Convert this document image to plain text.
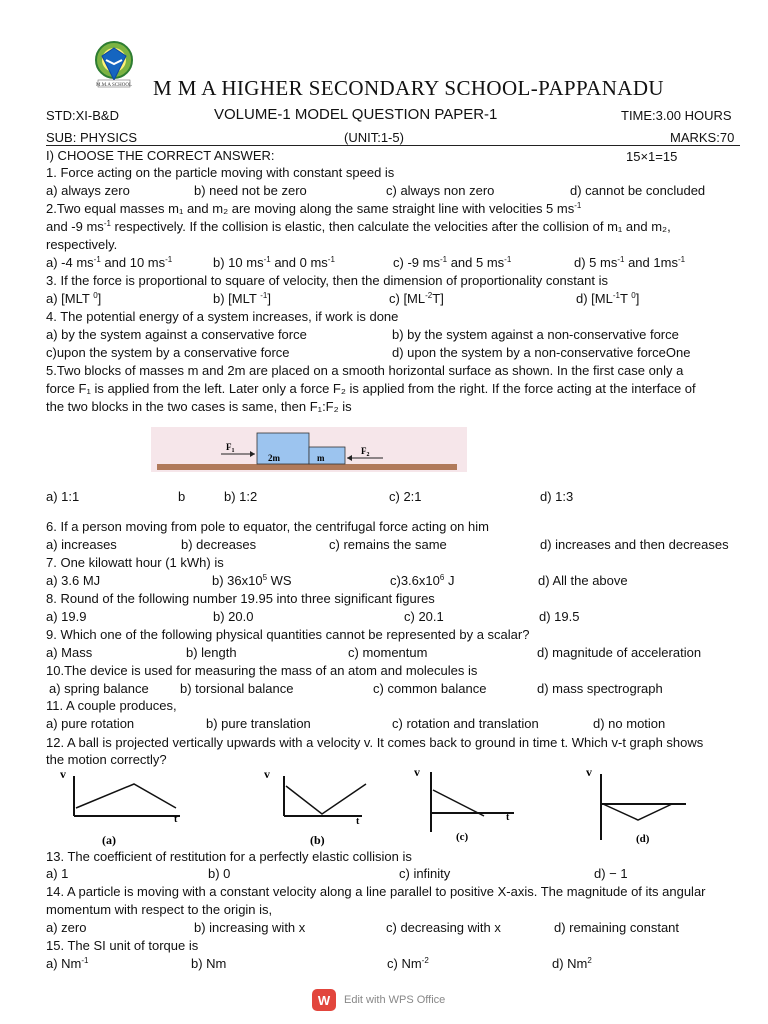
M.M.A SCHOOL M M A HIGHER SECONDARY SCHOOL-PAPPANADU
STD:XI-B&D	VOLUME-1 MODEL QUESTION PAPER-1	TIME:3.00 HOURS
SUB: PHYSICS	(UNIT:1-5)	MARKS:70
I) CHOOSE THE CORRECT ANSWER:	15×1=15
1. Force acting on the particle moving with constant speed is
a) always zero	b) need not be zero	c) always non zero	d) cannot be concluded
2.Two equal masses m₁ and m₂ are moving along the same straight line with velocities 5 $ms^{-1}$
and -9 $ms^{-1}$ respectively. If the collision is elastic, then calculate the velocities after the collision of m₁ and m₂,
respectively.
a) -4 $ms^{-1}$ and 10 $ms^{-1}$	b) 10 $ms^{-1}$ and 0 $ms^{-1}$	c) -9 $ms^{-1}$ and 5 $ms^{-1}$	d) 5 $ms^{-1}$ and $1ms^{-1}$
3. If the force is proportional to square of velocity, then the dimension of proportionality constant is
a) [MLT $^0$]	b) [MLT $^{-1}$]	c) $[ML^{-2}T]$	d) [$ML^{-1}T$ $^0$]
4. The potential energy of a system increases, if work is done
a) by the system against a conservative force	b) by the system against a non-conservative force
c)upon the system by a conservative force	d) upon the system by a non-conservative forceOne
5.Two blocks of masses m and 2m are placed on a smooth horizontal surface as shown. In the first case only a
force F₁ is applied from the left. Later only a force F₂ is applied from the right. If the force acting at the interface of
the two blocks in the two cases is same, then F₁:F₂ is
$F_1$	$F_2$
2m	m
a) 1:1	b	b) 1:2	c) 2:1	d) 1:3
6. If a person moving from pole to equator, the centrifugal force acting on him
a) increases	b) decreases	c) remains the same	d) increases and then decreases
7. One kilowatt hour (1 kWh) is
a) 3.6 MJ	b) $36x10^5$ WS	$c)3.6x10^6$ J	d) All the above
8. Round of the following number 19.95 into three significant figures
a) 19.9	b) 20.0	c) 20.1	d) 19.5
9. Which one of the following physical quantities cannot be represented by a scalar?
a) Mass	b) length	c) momentum	d) magnitude of acceleration
10.The device is used for measuring the mass of an atom and molecules is
a) spring balance b) torsional balance	c) common balance	d) mass spectrograph
11. A couple produces,
a) pure rotation	b) pure translation	c) rotation and translation	d) no motion
12. A ball is projected vertically upwards with a velocity v. It comes back to ground in time t. Which v-t graph shows
the motion correctly?
v
t
(a)
v
t
(b)
v
t
(c)
v
(d)
13. The coefficient of restitution for a perfectly elastic collision is
a) 1	b) 0	c) infinity	d) − 1
14. A particle is moving with a constant velocity along a line parallel to positive X-axis. The magnitude of its angular
momentum with respect to the origin is,
a) zero	b) increasing with x	c) decreasing with x	d) remaining constant
15. The SI unit of torque is
a) $Nm^{-1}$	b) Nm	c) $Nm^{-2}$	d) Nm$^2$
W	Edit with WPS Office
